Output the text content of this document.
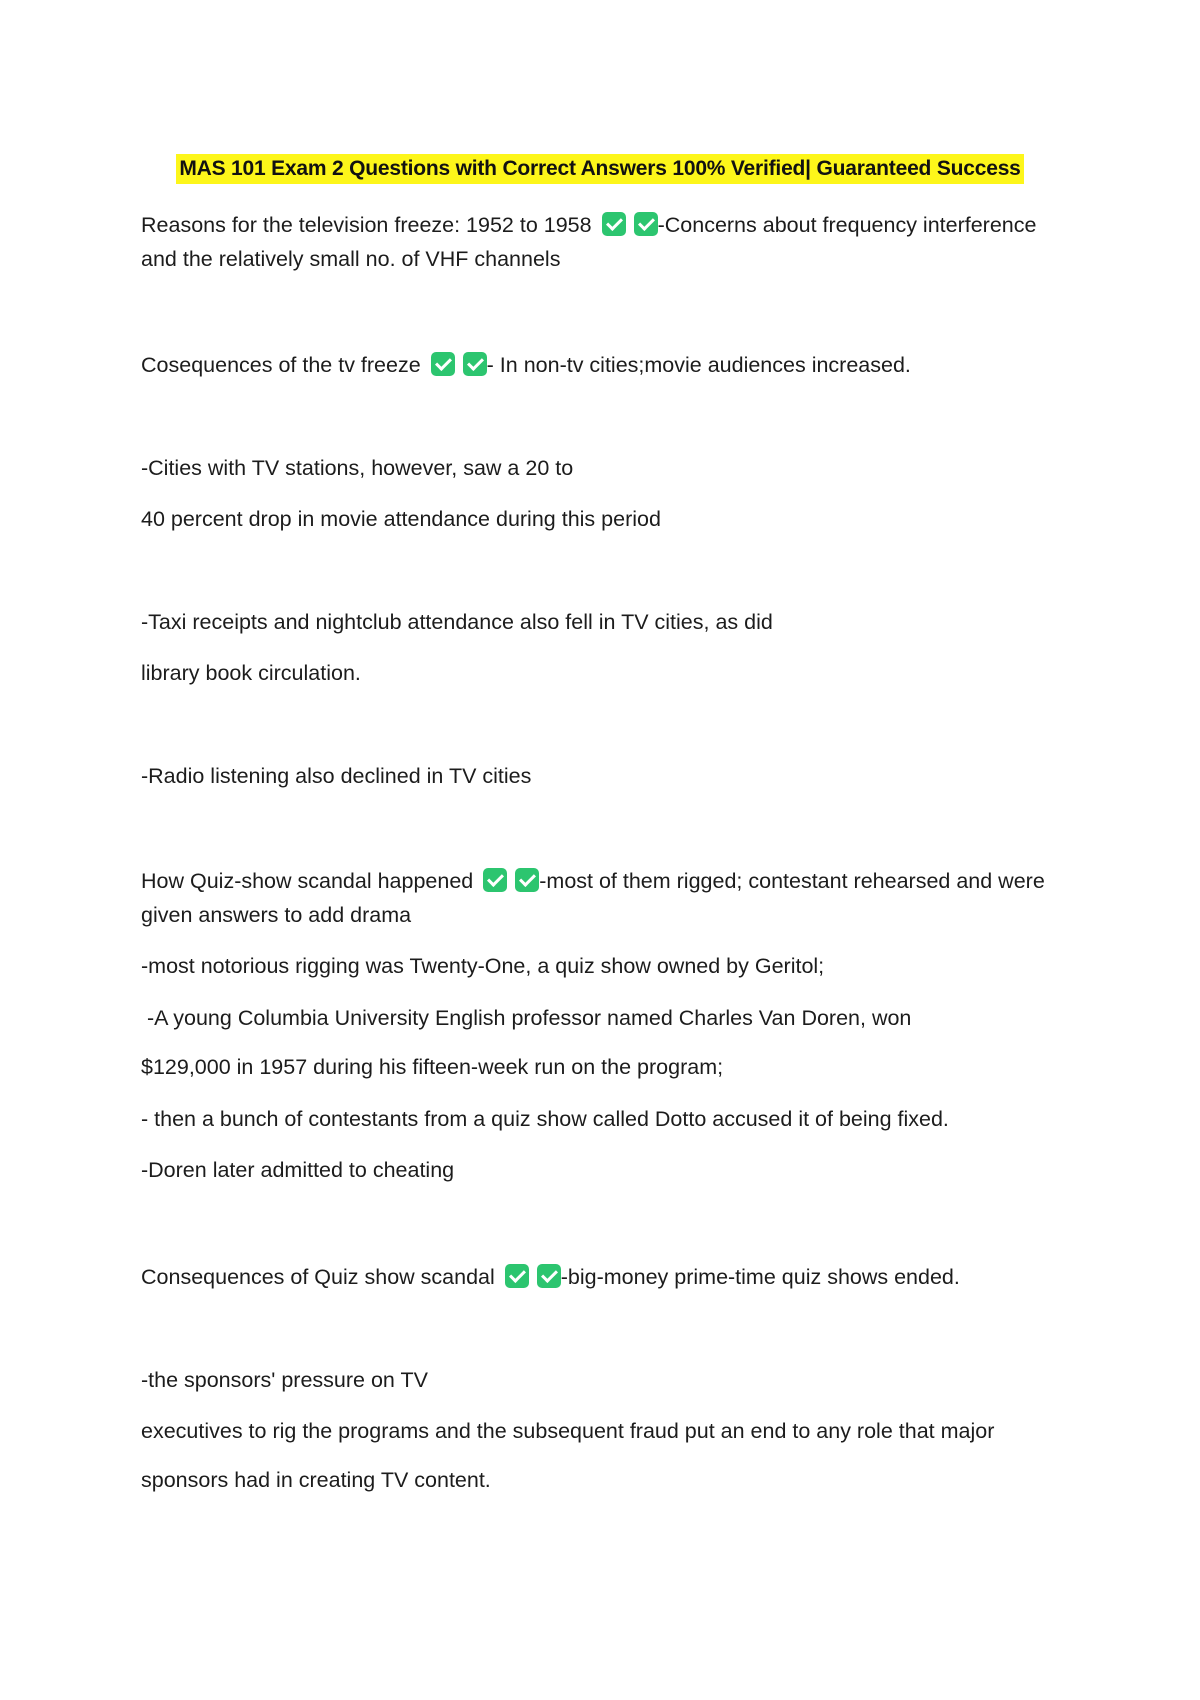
MAS 101 Exam 2 Questions with Correct Answers 100% Verified| Guaranteed Success
Reasons for the television freeze: 1952 to 1958	-Concerns about frequency interference
and the relatively small no. of VHF channels
Cosequences of the tv freeze	- In non-tv cities;movie audiences increased.
-Cities with TV stations, however, saw a 20 to
40 percent drop in movie attendance during this period
-Taxi receipts and nightclub attendance also fell in TV cities, as did
library book circulation.
-Radio listening also declined in TV cities
How Quiz-show scandal happened	-most of them rigged; contestant rehearsed and were
given answers to add drama
-most notorious rigging was Twenty-One, a quiz show owned by Geritol;
-A young Columbia University English professor named Charles Van Doren, won
$129,000 in 1957 during his fifteen-week run on the program;
- then a bunch of contestants from a quiz show called Dotto accused it of being fixed.
-Doren later admitted to cheating
Consequences of Quiz show scandal	-big-money prime-time quiz shows ended.
-the sponsors' pressure on TV
executives to rig the programs and the subsequent fraud put an end to any role that major
sponsors had in creating TV content.
